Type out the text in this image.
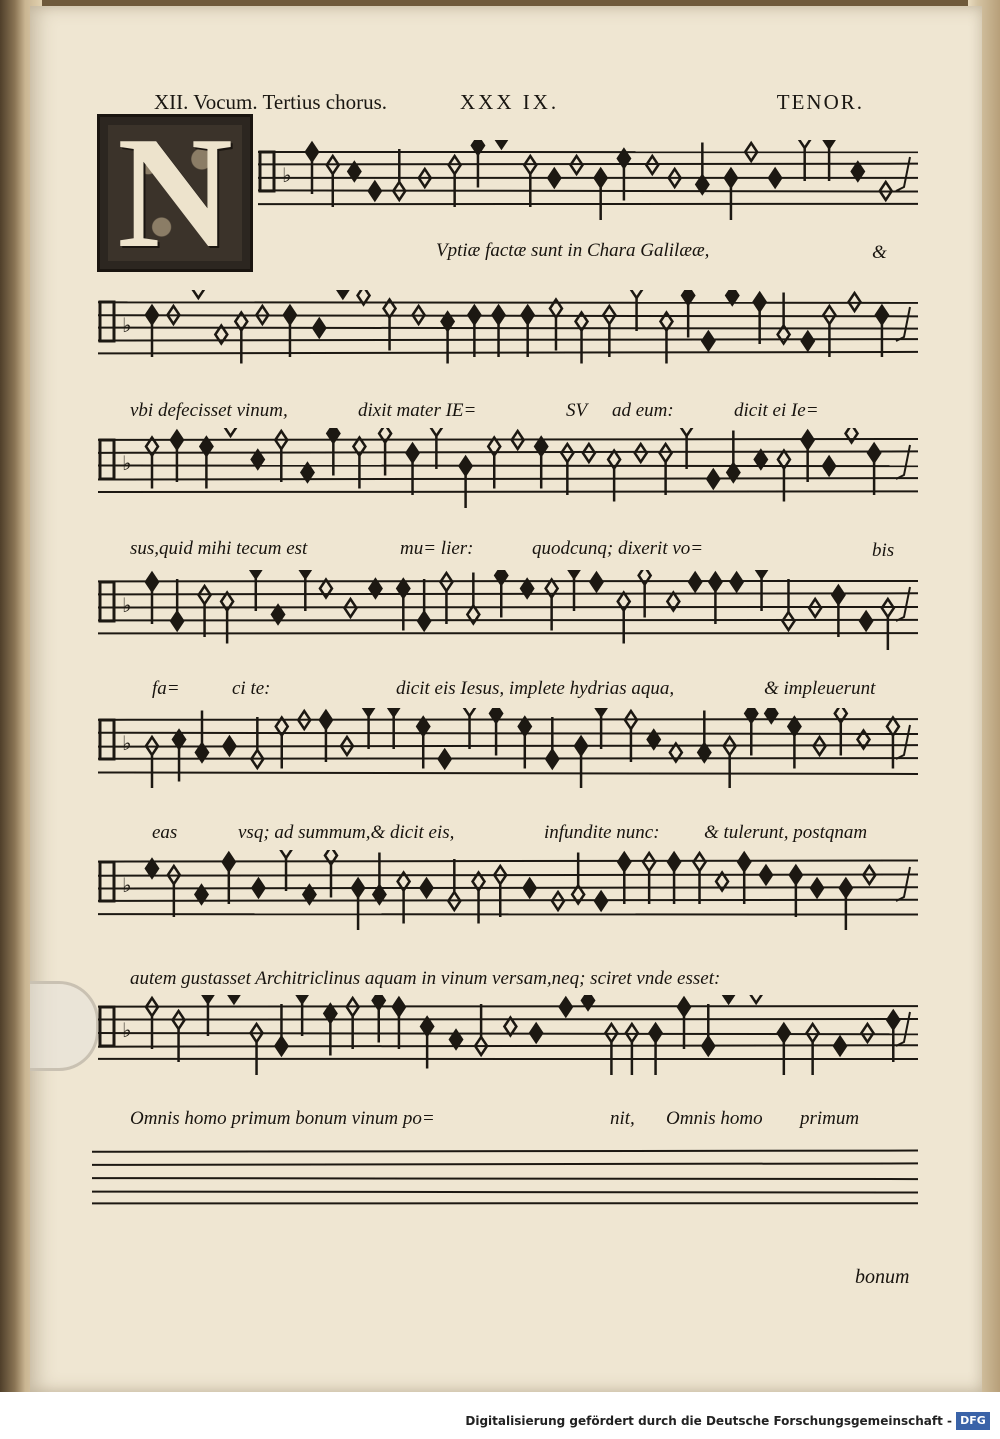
XII. Vocum. Tertius chorus.	XXX IX.	TENOR.
N	♭
♭
♭
♭
♭
♭
♭
Vptiæ factæ sunt in Chara Galilææ,	&
vbi defecisset vinum,	dixit mater IE=	SV ad eum:	dicit ei Ie=
sus,quid mihi tecum est	mu= lier:	quodcunq; dixerit vo=	bis
fa=	ci te:	dicit eis Iesus, implete hydrias aqua,	& impleuerunt
eas	vsq; ad summum,& dicit eis,	infundite nunc: & tulerunt, postqnam
autem gustasset Architriclinus aquam in vinum versam,neq; sciret vnde esset:
Omnis homo primum bonum vinum po=	nit, Omnis homo primum
bonum
Digitalisierung gefördert durch die Deutsche Forschungsgemeinschaft - DFG
